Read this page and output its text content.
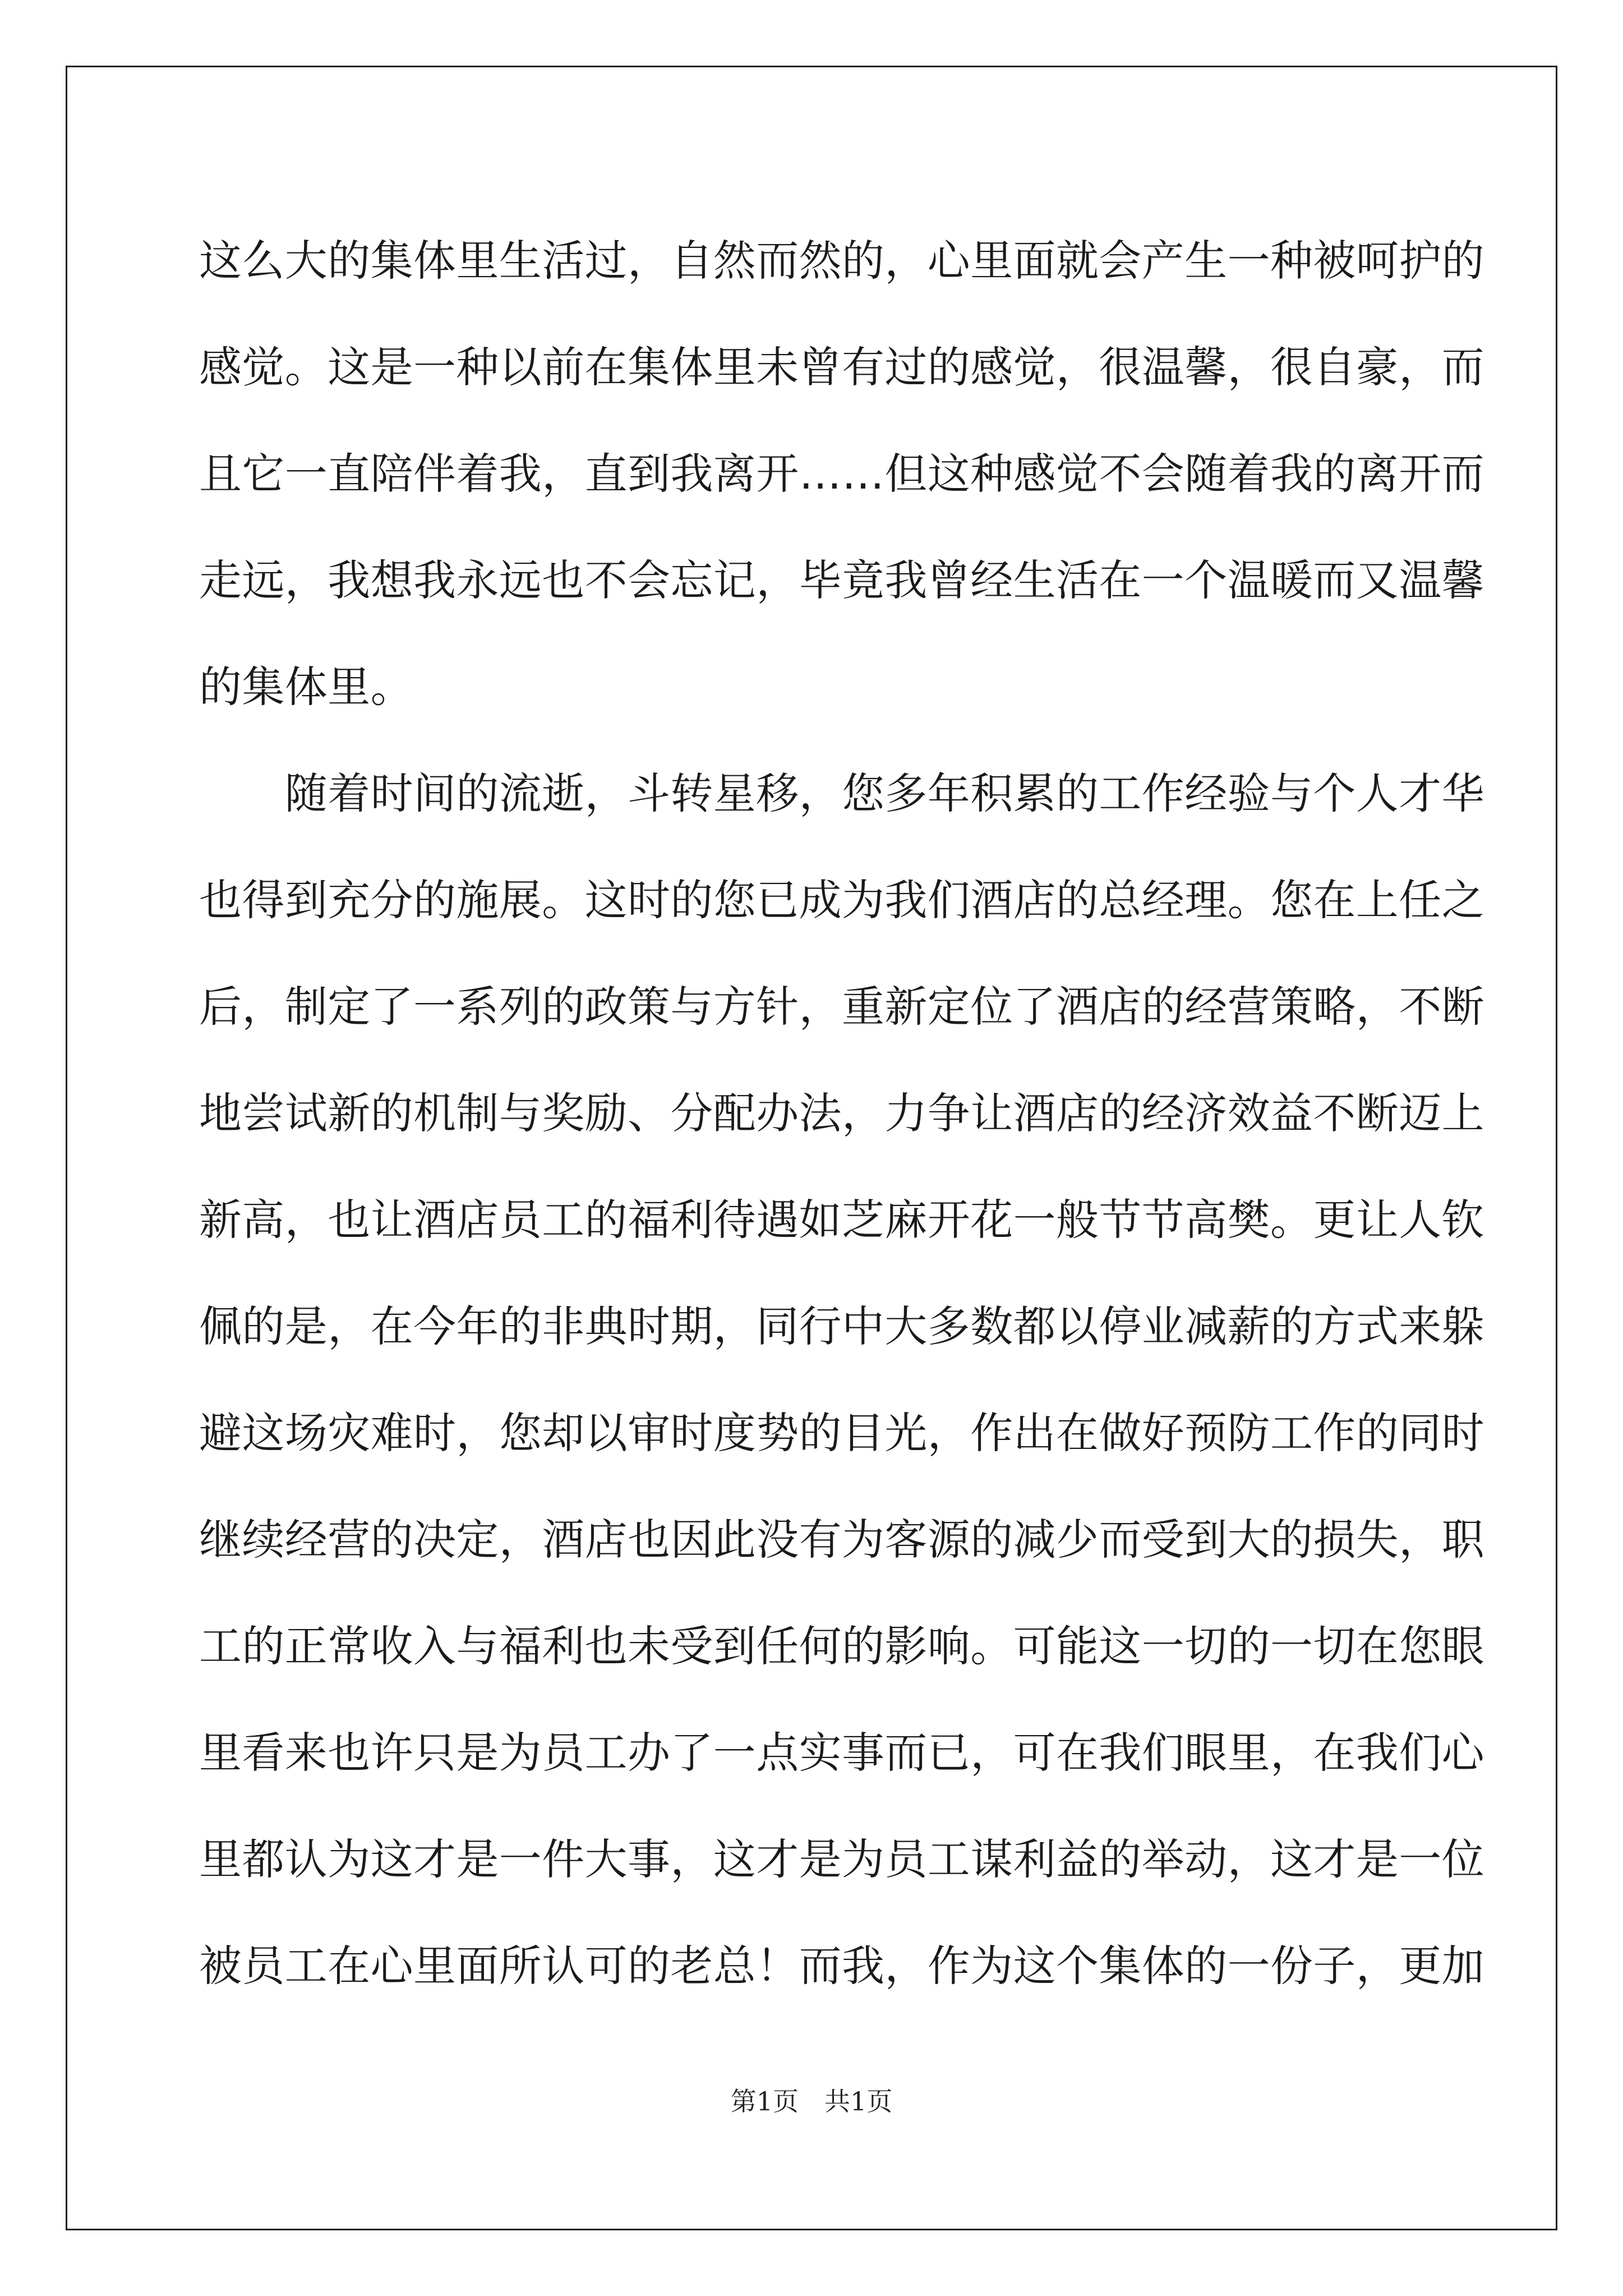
这么大的集体里生活过，自然而然的，心里面就会产生一种被呵护的
感觉。这是一种以前在集体里未曾有过的感觉，很温馨，很自豪，而
且它一直陪伴着我，直到我离开……但这种感觉不会随着我的离开而
走远，我想我永远也不会忘记，毕竟我曾经生活在一个温暖而又温馨
的集体里。
　　随着时间的流逝，斗转星移，您多年积累的工作经验与个人才华
也得到充分的施展。这时的您已成为我们酒店的总经理。您在上任之
后，制定了一系列的政策与方针，重新定位了酒店的经营策略，不断
地尝试新的机制与奖励、分配办法，力争让酒店的经济效益不断迈上
新高，也让酒店员工的福利待遇如芝麻开花一般节节高樊。更让人钦
佩的是，在今年的非典时期，同行中大多数都以停业减薪的方式来躲
避这场灾难时，您却以审时度势的目光，作出在做好预防工作的同时
继续经营的决定，酒店也因此没有为客源的减少而受到大的损失，职
工的正常收入与福利也未受到任何的影响。可能这一切的一切在您眼
里看来也许只是为员工办了一点实事而已，可在我们眼里，在我们心
里都认为这才是一件大事，这才是为员工谋利益的举动，这才是一位
被员工在心里面所认可的老总！而我，作为这个集体的一份子，更加
第1页　共1页
